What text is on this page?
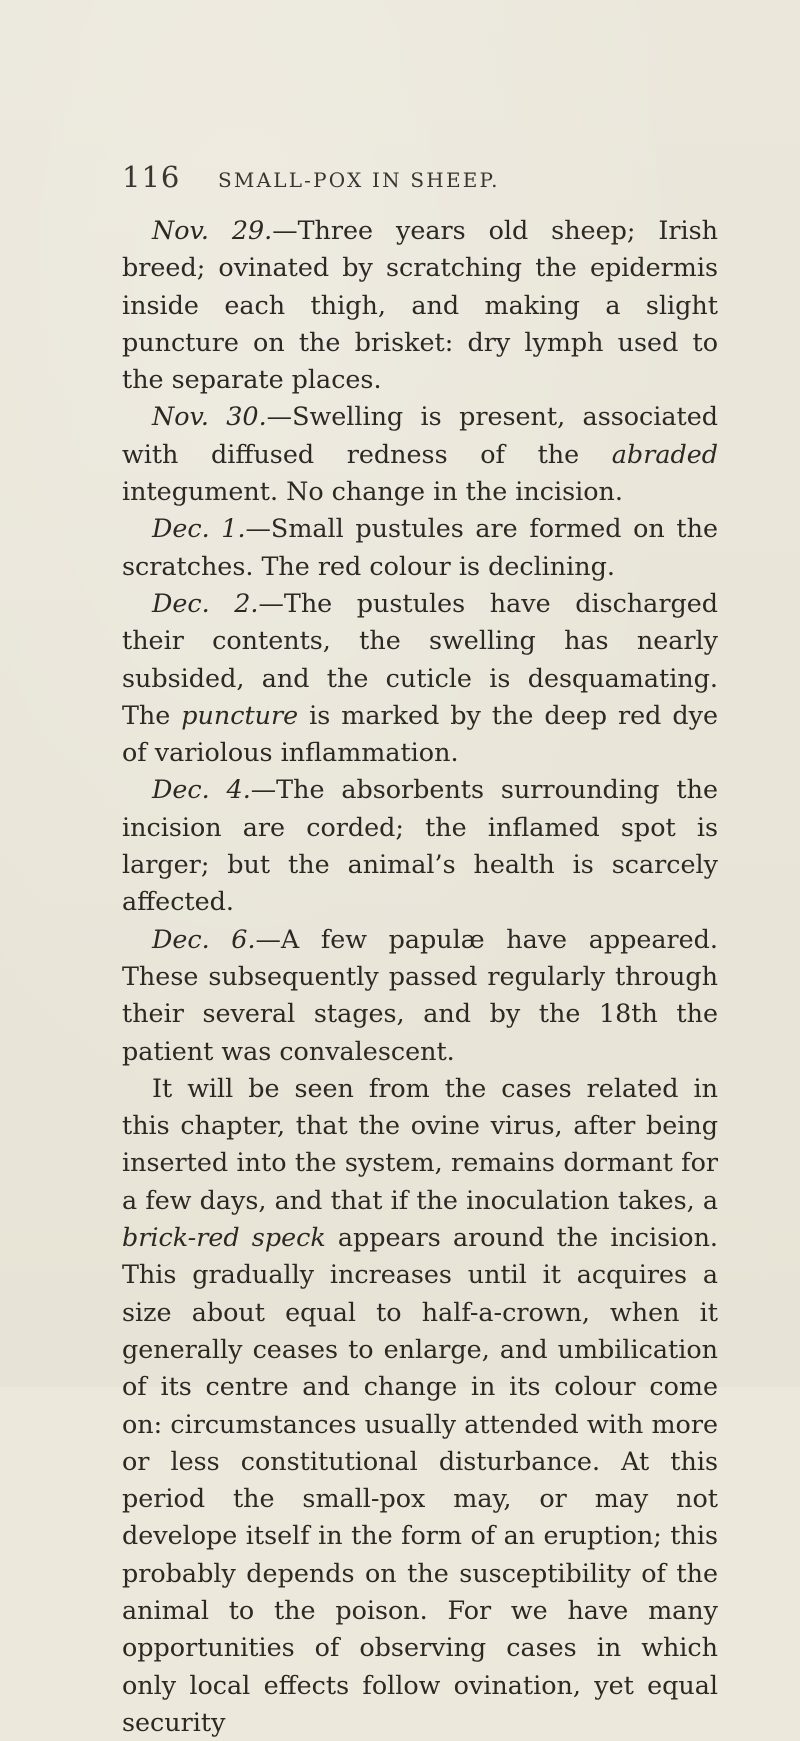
116 SMALL-POX IN SHEEP.

Nov. 29.—Three years old sheep; Irish breed; ovinated by scratching the epidermis inside each thigh, and making a slight puncture on the brisket: dry lymph used to the separate places.

Nov. 30.—Swelling is present, associated with diffused redness of the abraded integument. No change in the incision.

Dec. 1.—Small pustules are formed on the scratches. The red colour is declining.

Dec. 2.—The pustules have discharged their contents, the swelling has nearly subsided, and the cuticle is desquamating. The puncture is marked by the deep red dye of variolous inflammation.

Dec. 4.—The absorbents surrounding the incision are corded; the inflamed spot is larger; but the animal’s health is scarcely affected.

Dec. 6.—A few papulæ have appeared. These subsequently passed regularly through their several stages, and by the 18th the patient was convalescent.

It will be seen from the cases related in this chapter, that the ovine virus, after being inserted into the system, remains dormant for a few days, and that if the inoculation takes, a brick-red speck appears around the incision. This gradually increases until it acquires a size about equal to half-a-crown, when it generally ceases to enlarge, and umbilication of its centre and change in its colour come on: circumstances usually attended with more or less constitutional disturbance. At this period the small-pox may, or may not develope itself in the form of an eruption; this probably depends on the susceptibility of the animal to the poison. For we have many opportunities of observing cases in which only local effects follow ovination, yet equal security
